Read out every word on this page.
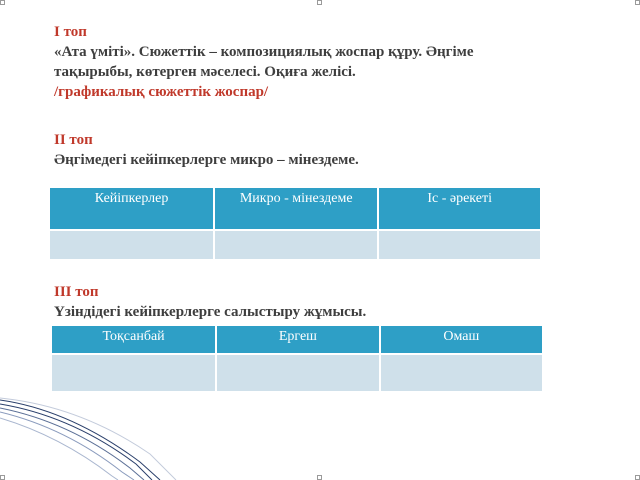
I топ
«Ата үміті». Сюжеттік – композициялық жоспар құру. Әңгіме
тақырыбы, көтерген мәселесі. Оқиға желісі.
/графикалық сюжеттік жоспар/
II топ
Әңгімедегі кейіпкерлерге микро – мінездеме.
Кейіпкерлер	Микро - мінездеме	Іс - әрекеті

III топ
Үзіндідегі кейіпкерлерге салыстыру жұмысы.
Тоқсанбай	Ергеш	Омаш
